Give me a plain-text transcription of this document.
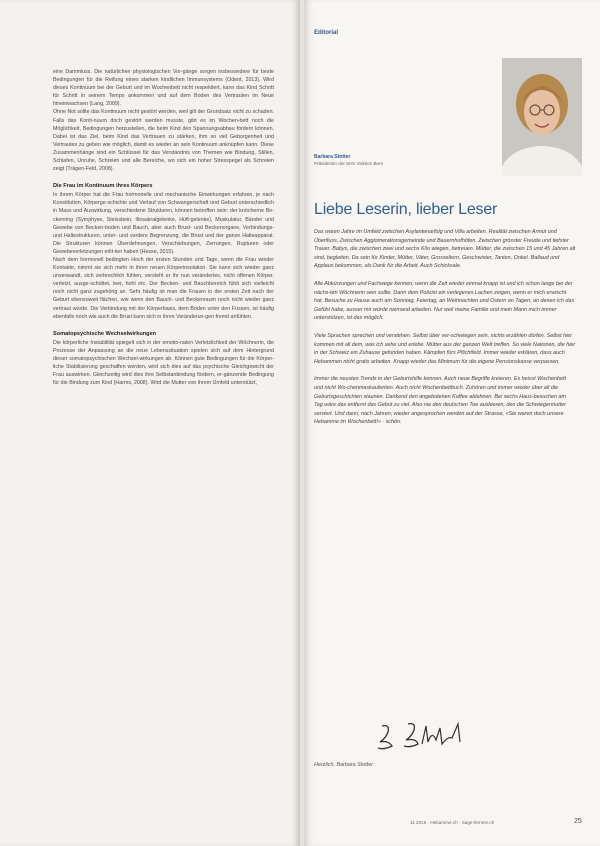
eine Dammluss. Die natürlichen physiologischen Vor-gänge sorgen insbesondere für beste Bedingungen für die Reifung eines starken kindlichen Immunsystems (Odent, 2013). Wird dieses Kontinuum bei der Geburt und im Wochenbett nicht respektiert, kann das Kind Schritt für Schritt in seinem Tempo ankommen und auf dem Boden des Vertrauten im Neue hineinwachsen (Lang, 2009).

Ohne Not sollte das Kontinuum nicht gestört werden, weil gilt der Grundsatz nicht zu schaden. Falls das Konti-nuum doch gestört werden musste, gibt es im Wochen-bett noch die Möglichkeit, Bedingungen herzustellen, die beim Kind den Spannungsabbau fördern können. Dabei ist das Ziel, beim Kind das Vertrauen zu stärken, ihm so viel Geborgenheit und Vertrautes zu geben wie möglich, damit es wieder an sein Kontinuum anknüpfen kann. Diese Zusammenhänge sind ein Schlüssel für das Verständnis von Themen wie Bindung, Stillen, Schlafen, Unruhe, Schreien und alle Bereiche, wo sich ein hoher Stresspegel als Schreien zeigt (Trägen-Feld, 2008).

Die Frau im Kontinuum ihres Körpers

In ihrem Körper hat die Frau hormonelle und mechanische Einwirkungen erfahren, je nach Konstitution, Körperge-schichte und Verlauf von Schwangerschaft und Geburt unterschiedlich in Mass und Auswirkung, verschiedene Strukturen, können betroffen sein: der knöcherne Be-ckenring (Symphyse, Steissbein, Iliosakralgelenke, Hüft-gelenke), Muskulatur, Bänder und Gewebe von Becken-boden und Bauch, aber auch Brust- und Beckenorgane, Verbindungs- und Haltestrukturen, unter- und vordere Begrenzung, die Brust und der ganze Halteapparat. Die Strukturen können Überdehnungen, Verschiebungen, Zerrungen, Rupturen oder Gewebeverletzungen erlit-ten haben (Hesse, 2015).

Nach dem hormonell bedingten Hoch der ersten Stunden und Tage, wenn die Frau wieder Kontakte, nimmt sie sich mehr in ihren neuen Körperinsolation. Sie kann sich wieder ganz unverwandt, sich zerbrechlich fühlen, versteht er ihr nun verändertes, nicht offenen Körper, verletzt, ausge-schüttet, leer, hohl etc. Der Becken- und Bauchbereich fühlt sich vielleicht noch nicht ganz zugehörig an. Sehr häufig ist man die Frauen in der ersten Zeit nach der Geburt ebensoweit flächen, wie wenn den Bauch- und Beckenraum noch nicht wieder ganz vertraut würde. Die Verbindung mit der Körperbasis, dem Boden unter den Füssen, ist häufig ebenfalls noch wie auch die Brust kann sich in ihren Veränderun-gen fremd anfühlen.

Somatopsychische Wechselwirkungen

Die körperliche Instabilität spiegelt sich in der emotio-nalen Verletzlichkeit der Wöchnerin, die Prozesse der Anpassung an die neue Lebenssituation spielen sich auf dem Hintergrund dieser somatopsychischen Wechsel-wirkungen ab. Können gute Bedingungen für die Körper-liche Stabilisierung geschaffen werden, wird sich dies auf das psychische Gleichgewicht der Frau auswirken. Gleichzeitig wird dies ihre Selbstanbindung fördern, er-gänzende Bedingung für die Bindung zum Kind (Harms, 2008). Wird die Mutter von ihrem Umfeld unterstützt,

Editorial
Barbara Stotter
Präsidentin der SHV Sektion Bern
Liebe Leserin, lieber Leser

Das waren Jahre im Umfeld zwischen Asylantenarfolg und Villa arbeiten. Realität zwischen Armut und Überfluss, Zwischen Agglomerationsgemeinde und Bauernhofhöfen. Zwischen grösster Freude und tiefster Trauer. Babys, die zwischen zwei und sechs Kilo wiegen, betreuen. Mütter, die zwischen 15 und 45 Jahren alt sind, begleiten. Da sein für Kinder, Mütter, Väter, Grosseltern, Geschwister, Tanten, Onkel. Ballaud und Applaus bekommen, als Dank für die Arbeit. Auch Schicksale.

Alle Abkürzungen und Fachwege kennen, wenn die Zeit wieder einmal knapp ist und ich schon lange bei der nächs-ten Wöchnerin sein sollte. Dann dem Polizist ein verlegenes Lachen zeigen, wenn er mich erwischt hat. Besuche zu Hause auch am Sonntag, Feiertag, an Weihnachten und Ostern an Tagen, an denen ich das Gefühl habe, ausser mir würde niemand arbeiten. Nur weil meine Familie und mein Mann mich immer unterstützen, ist das möglich.

Viele Sprachen sprechen und verstehen. Selbst über ver-schwiegen sein, nichts erzählen dürfen. Selbst hier kommen mit all dem, was ich sehe und erlebe. Mütter aus der ganzen Welt treffen. So viele Nationen, die hier in der Schweiz ein Zuhause gefunden haben. Kämpfen fürs Pflichtfeld. Immer wieder erklären, dass auch Hebammen nicht gratis arbeiten. Knapp wieder das Minimum für die eigene Pensionskasse verpassen.

Immer die neusten Trends in der Geburtshilfe kennen. Auch neue Begriffe kreieren. Es heisst Wochenbett und nicht Wo-chenmaskaufenten. Auch nicht Wochenbettbuch. Zuhören und immer wieder über all die Geburtsgeschichten staunen. Dankend den angebotenen Kaffee ablehnen. Bei sechs Haus-besuchen am Tag wäre das entfernt das Gebot zu viel. Also nie den deutschen Tee ausleeren, den die Schwiegermutter serviert. Und dann, nach Jahren, wieder angesprochen werden auf der Strasse, «Sie waren doch unsere Hebamme im Wochenbett!» · schön.

Herzlich, Barbara Stotter
11 2016 · Hebamme.ch · Sage-femme.ch	25
